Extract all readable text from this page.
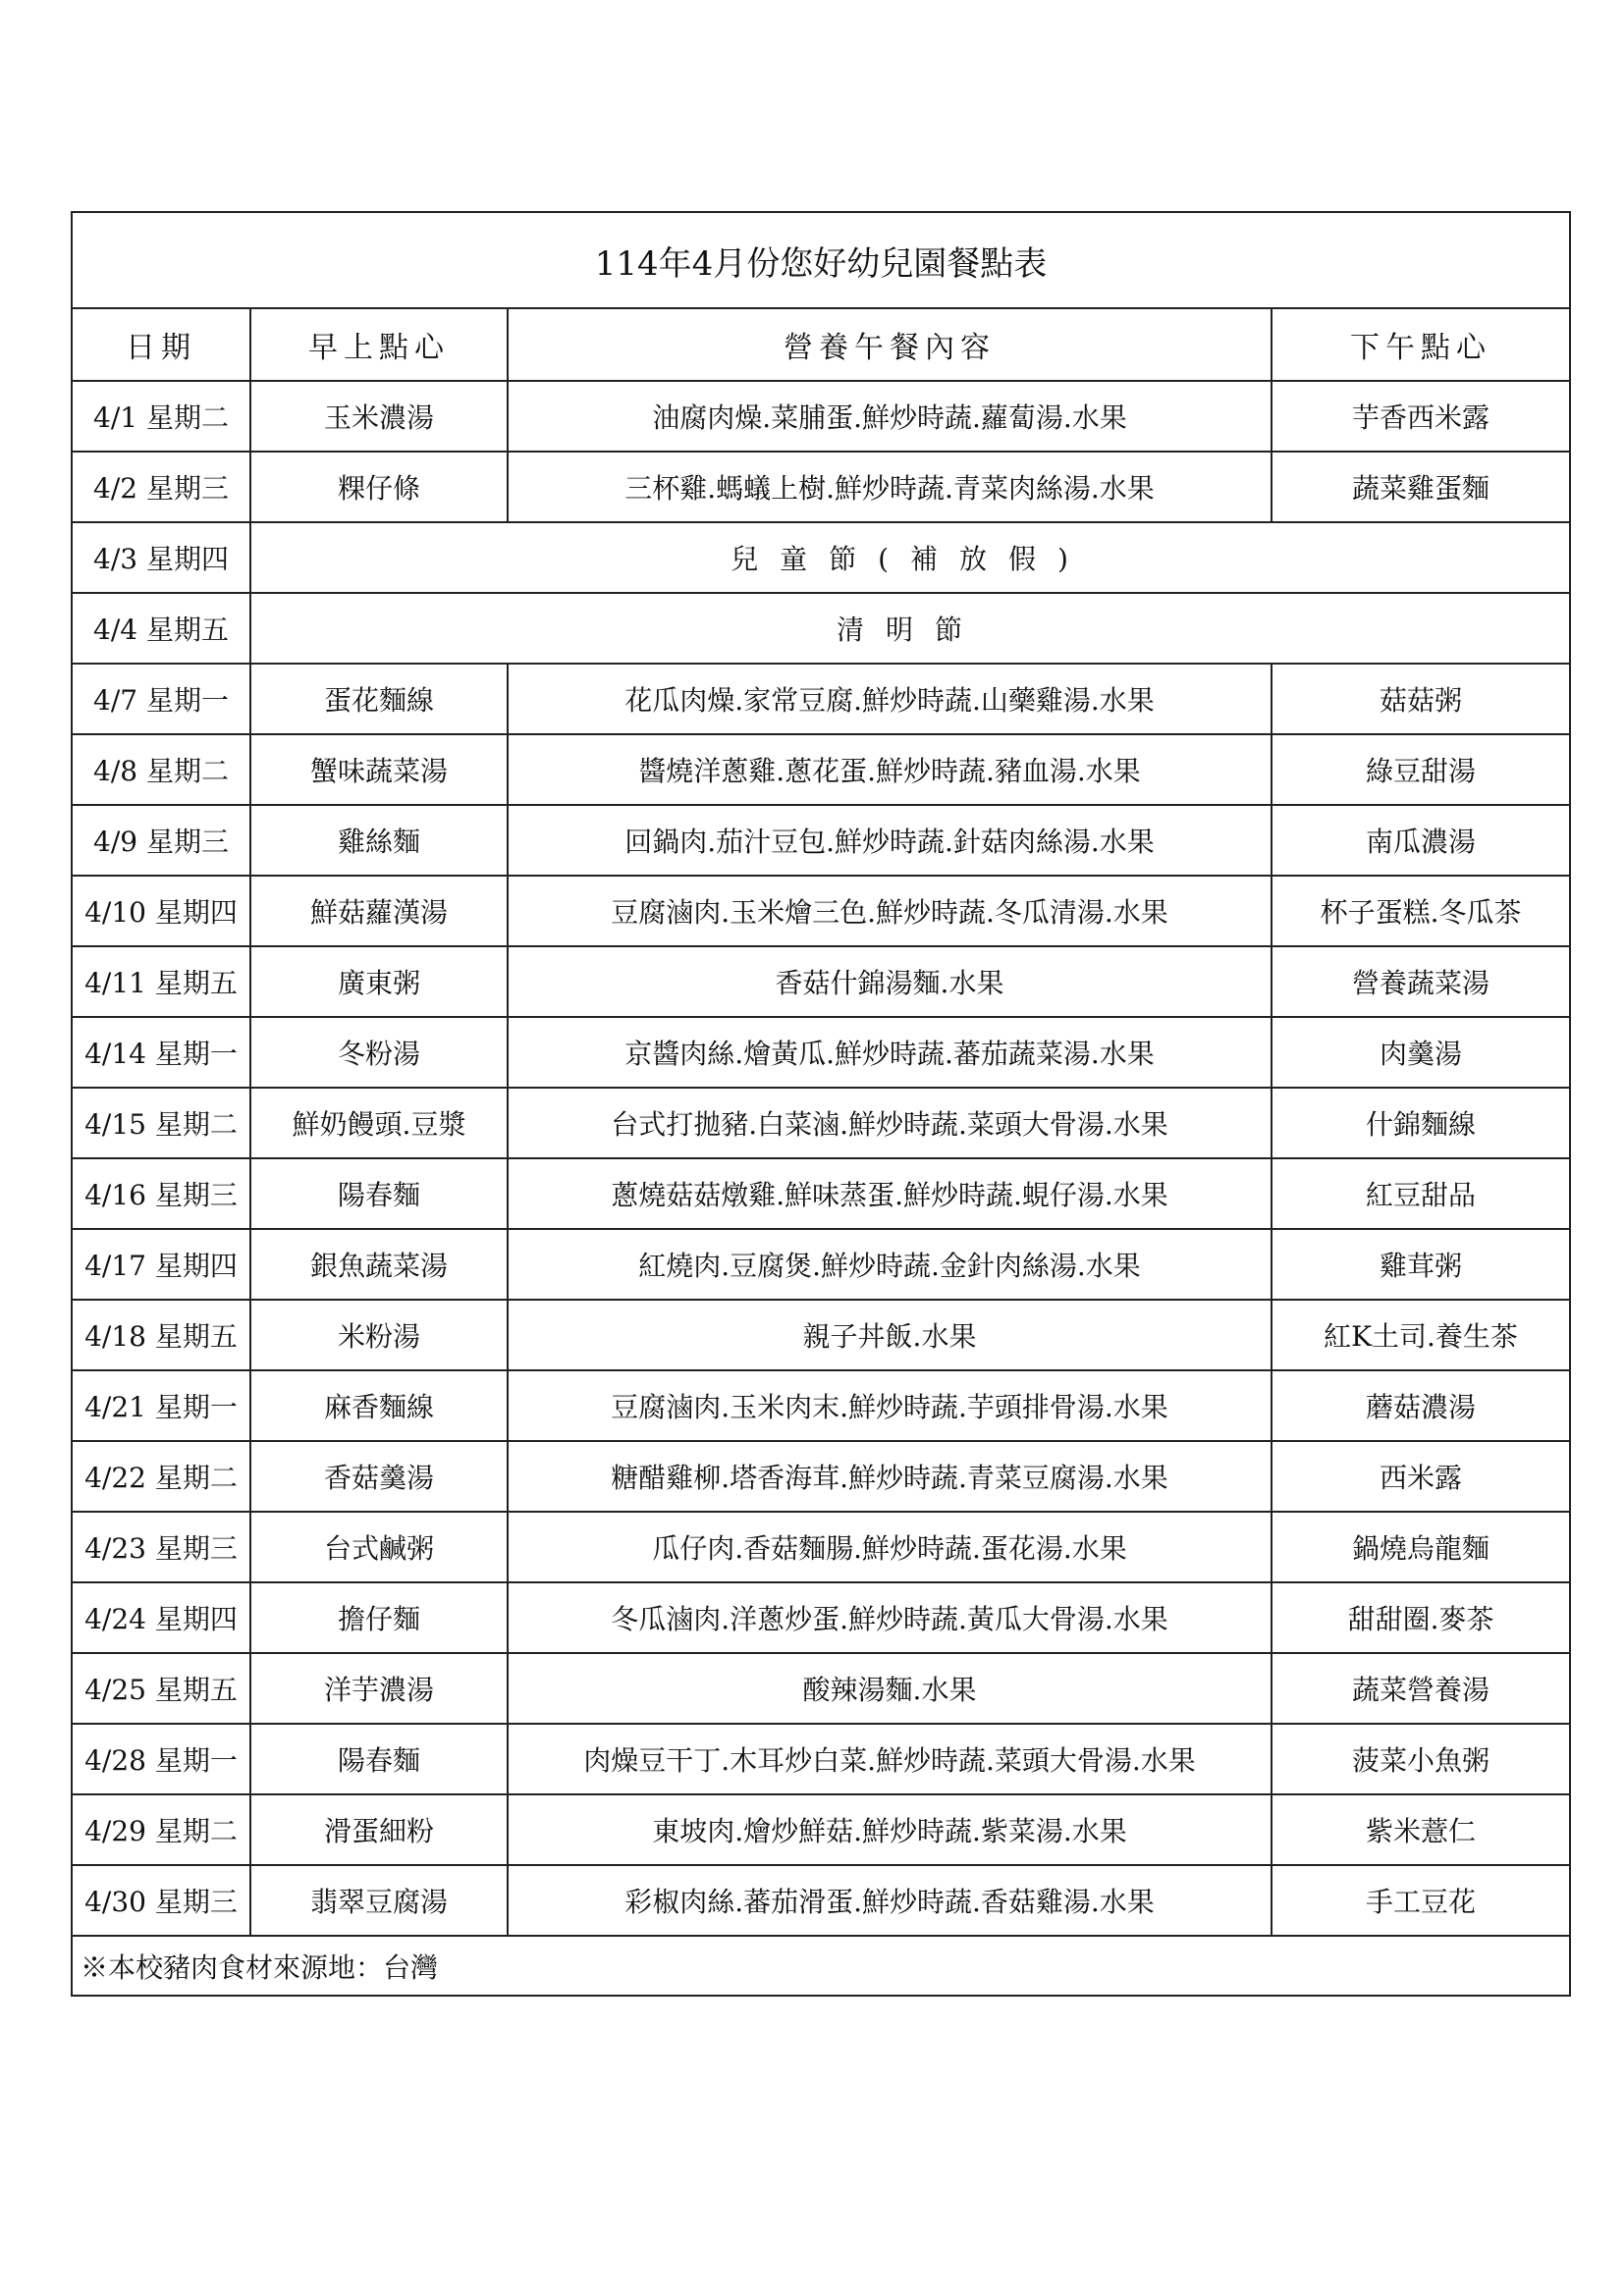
114年4月份您好幼兒園餐點表			
日期	早上點心	營養午餐內容	下午點心
4/1 星期二	玉米濃湯	油腐肉燥.菜脯蛋.鮮炒時蔬.蘿蔔湯.水果	芋香西米露
4/2 星期三	粿仔條	三杯雞.螞蟻上樹.鮮炒時蔬.青菜肉絲湯.水果	蔬菜雞蛋麵
4/3 星期四	兒童節(補放假)		
4/4 星期五	清明節		
4/7 星期一	蛋花麵線	花瓜肉燥.家常豆腐.鮮炒時蔬.山藥雞湯.水果	菇菇粥
4/8 星期二	蟹味蔬菜湯	醬燒洋蔥雞.蔥花蛋.鮮炒時蔬.豬血湯.水果	綠豆甜湯
4/9 星期三	雞絲麵	回鍋肉.茄汁豆包.鮮炒時蔬.針菇肉絲湯.水果	南瓜濃湯
4/10 星期四	鮮菇蘿漢湯	豆腐滷肉.玉米燴三色.鮮炒時蔬.冬瓜清湯.水果	杯子蛋糕.冬瓜茶
4/11 星期五	廣東粥	香菇什錦湯麵.水果	營養蔬菜湯
4/14 星期一	冬粉湯	京醬肉絲.燴黃瓜.鮮炒時蔬.蕃茄蔬菜湯.水果	肉羹湯
4/15 星期二	鮮奶饅頭.豆漿	台式打拋豬.白菜滷.鮮炒時蔬.菜頭大骨湯.水果	什錦麵線
4/16 星期三	陽春麵	蔥燒菇菇燉雞.鮮味蒸蛋.鮮炒時蔬.蜆仔湯.水果	紅豆甜品
4/17 星期四	銀魚蔬菜湯	紅燒肉.豆腐煲.鮮炒時蔬.金針肉絲湯.水果	雞茸粥
4/18 星期五	米粉湯	親子丼飯.水果	紅K土司.養生茶
4/21 星期一	麻香麵線	豆腐滷肉.玉米肉末.鮮炒時蔬.芋頭排骨湯.水果	蘑菇濃湯
4/22 星期二	香菇羹湯	糖醋雞柳.塔香海茸.鮮炒時蔬.青菜豆腐湯.水果	西米露
4/23 星期三	台式鹹粥	瓜仔肉.香菇麵腸.鮮炒時蔬.蛋花湯.水果	鍋燒烏龍麵
4/24 星期四	擔仔麵	冬瓜滷肉.洋蔥炒蛋.鮮炒時蔬.黃瓜大骨湯.水果	甜甜圈.麥茶
4/25 星期五	洋芋濃湯	酸辣湯麵.水果	蔬菜營養湯
4/28 星期一	陽春麵	肉燥豆干丁.木耳炒白菜.鮮炒時蔬.菜頭大骨湯.水果	菠菜小魚粥
4/29 星期二	滑蛋細粉	東坡肉.燴炒鮮菇.鮮炒時蔬.紫菜湯.水果	紫米薏仁
4/30 星期三	翡翠豆腐湯	彩椒肉絲.蕃茄滑蛋.鮮炒時蔬.香菇雞湯.水果	手工豆花
※本校豬肉食材來源地：台灣			
